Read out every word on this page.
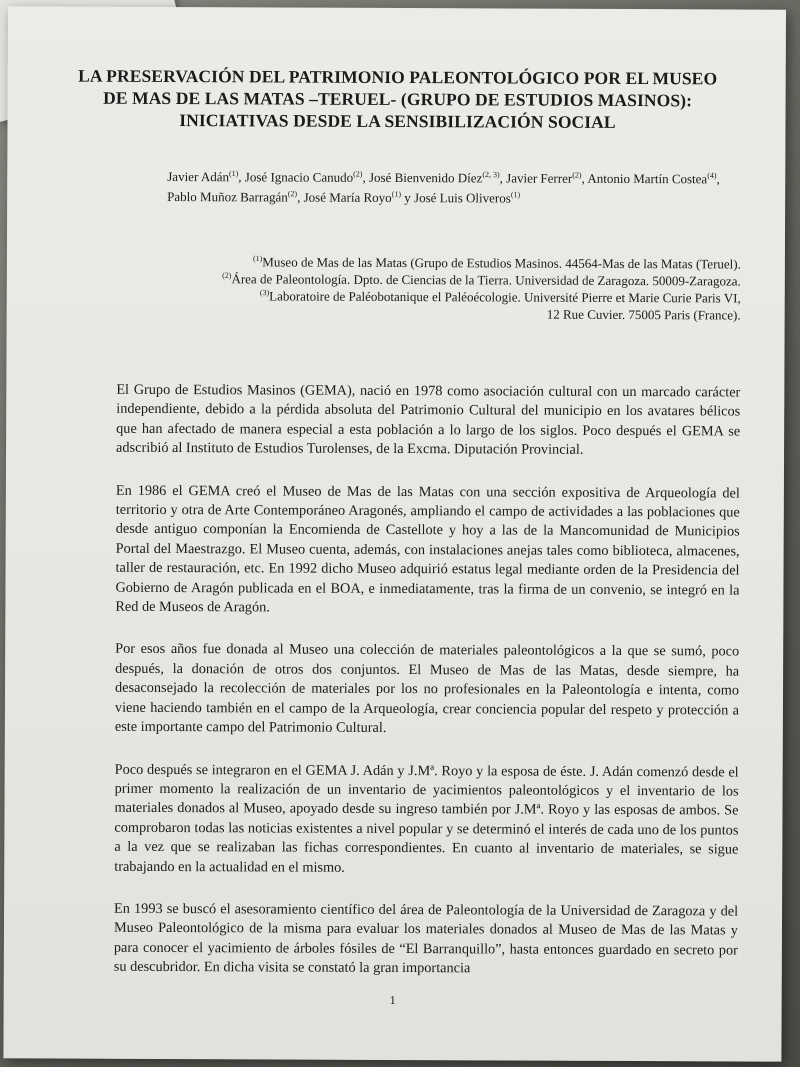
LA PRESERVACIÓN DEL PATRIMONIO PALEONTOLÓGICO POR EL MUSEO DE MAS DE LAS MATAS –TERUEL- (GRUPO DE ESTUDIOS MASINOS): INICIATIVAS DESDE LA SENSIBILIZACIÓN SOCIAL
Javier Adán$^{(1)}$, José Ignacio Canudo$^{(2)}$, José Bienvenido Díez$^{(2, 3)}$, Javier Ferrer$^{(2)}$, Antonio Martín Costea$^{(4)}$,
Pablo Muñoz Barragán$^{(2)}$, José María Royo$^{(1)}$ y José Luis Oliveros$^{(1)}$
$^{(1)}$Museo de Mas de las Matas (Grupo de Estudios Masinos. 44564-Mas de las Matas (Teruel).
$^{(2)}$Área de Paleontología. Dpto. de Ciencias de la Tierra. Universidad de Zaragoza. 50009-Zaragoza.
$^{(3)}$Laboratoire de Paléobotanique el Paléoécologie. Université Pierre et Marie Curie Paris VI,
12 Rue Cuvier. 75005 Paris (France).

El Grupo de Estudios Masinos (GEMA), nació en 1978 como asociación cultural con un marcado carácter independiente, debido a la pérdida absoluta del Patrimonio Cultural del municipio en los avatares bélicos que han afectado de manera especial a esta población a lo largo de los siglos. Poco después el GEMA se adscribió al Instituto de Estudios Turolenses, de la Excma. Diputación Provincial.

En 1986 el GEMA creó el Museo de Mas de las Matas con una sección expositiva de Arqueología del territorio y otra de Arte Contemporáneo Aragonés, ampliando el campo de actividades a las poblaciones que desde antiguo componían la Encomienda de Castellote y hoy a las de la Mancomunidad de Municipios Portal del Maestrazgo. El Museo cuenta, además, con instalaciones anejas tales como biblioteca, almacenes, taller de restauración, etc. En 1992 dicho Museo adquirió estatus legal mediante orden de la Presidencia del Gobierno de Aragón publicada en el BOA, e inmediatamente, tras la firma de un convenio, se integró en la Red de Museos de Aragón.

Por esos años fue donada al Museo una colección de materiales paleontológicos a la que se sumó, poco después, la donación de otros dos conjuntos. El Museo de Mas de las Matas, desde siempre, ha desaconsejado la recolección de materiales por los no profesionales en la Paleontología e intenta, como viene haciendo también en el campo de la Arqueología, crear conciencia popular del respeto y protección a este importante campo del Patrimonio Cultural.

Poco después se integraron en el GEMA J. Adán y J.Mª. Royo y la esposa de éste. J. Adán comenzó desde el primer momento la realización de un inventario de yacimientos paleontológicos y el inventario de los materiales donados al Museo, apoyado desde su ingreso también por J.Mª. Royo y las esposas de ambos. Se comprobaron todas las noticias existentes a nivel popular y se determinó el interés de cada uno de los puntos a la vez que se realizaban las fichas correspondientes. En cuanto al inventario de materiales, se sigue trabajando en la actualidad en el mismo.

En 1993 se buscó el asesoramiento científico del área de Paleontología de la Universidad de Zaragoza y del Museo Paleontológico de la misma para evaluar los materiales donados al Museo de Mas de las Matas y para conocer el yacimiento de árboles fósiles de “El Barranquillo”, hasta entonces guardado en secreto por su descubridor. En dicha visita se constató la gran importancia

1
